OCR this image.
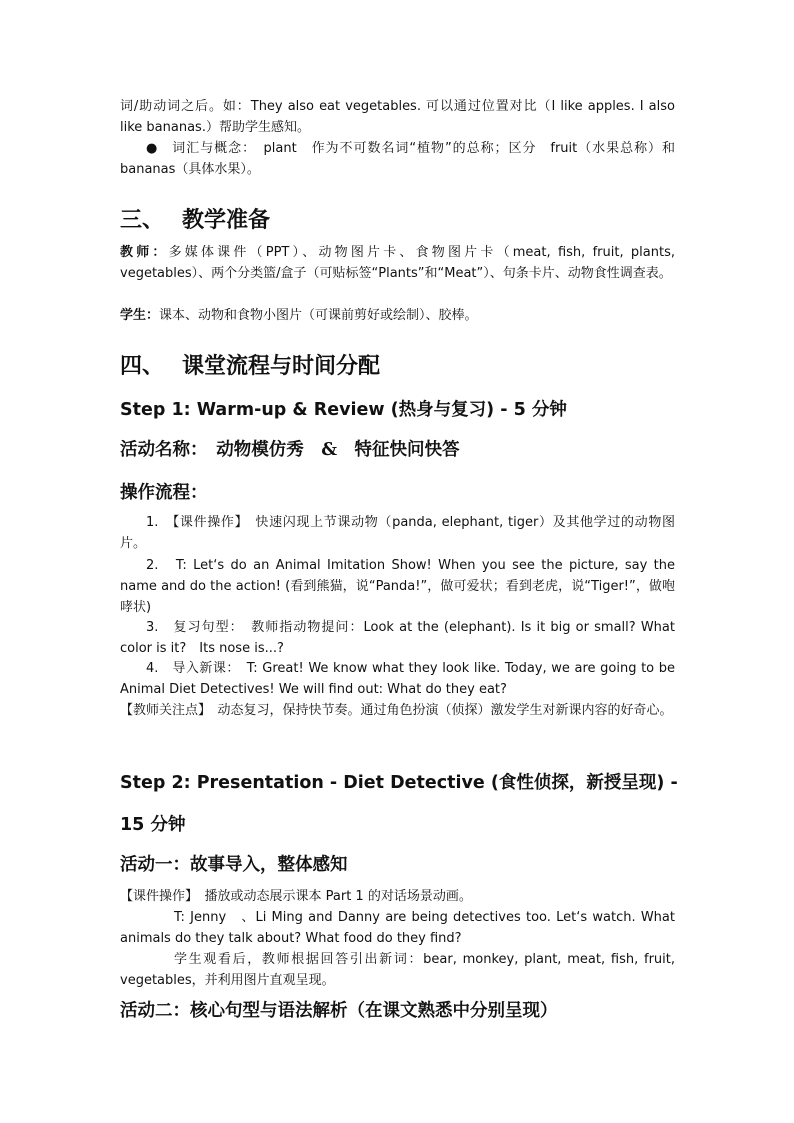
词/助动词之后。如：They also eat vegetables. 可以通过位置对比（I like apples. I also like bananas.）帮助学生感知。
●　词汇与概念：　plant　作为不可数名词“植物”的总称；区分　fruit（水果总称）和　bananas（具体水果）。
三、 教学准备
教师：多媒体课件（PPT）、动物图片卡、食物图片卡（meat, fish, fruit, plants, vegetables）、两个分类篮/盒子（可贴标签“Plants”和“Meat”）、句条卡片、动物食性调查表。
学生：课本、动物和食物小图片（可课前剪好或绘制）、胶棒。
四、 课堂流程与时间分配
Step 1: Warm-up & Review (热身与复习) - 5 分钟
活动名称：　动物模仿秀　&　特征快问快答
操作流程：
1.　【课件操作】　快速闪现上节课动物（panda, elephant, tiger）及其他学过的动物图片。
2.　T: Let‘s do an Animal Imitation Show! When you see the picture, say the name and do the action! (看到熊猫，说“Panda!”，做可爱状；看到老虎，说“Tiger!”，做咆哮状)
3.　复习句型：　教师指动物提问：Look at the (elephant). Is it big or small? What color is it?　Its nose is...?
4.　导入新课：　T: Great! We know what they look like. Today, we are going to be Animal Diet Detectives! We will find out: What do they eat?
【教师关注点】　动态复习，保持快节奏。通过角色扮演（侦探）激发学生对新课内容的好奇心。
Step 2: Presentation - Diet Detective (食性侦探，新授呈现) -
15 分钟
活动一：故事导入，整体感知
【课件操作】　播放或动态展示课本 Part 1 的对话场景动画。
T: Jenny　、Li Ming and Danny are being detectives too. Let‘s watch. What animals do they talk about? What food do they find?
学生观看后，教师根据回答引出新词：bear, monkey, plant, meat, fish, fruit, vegetables，并利用图片直观呈现。
活动二：核心句型与语法解析（在课文熟悉中分别呈现）
